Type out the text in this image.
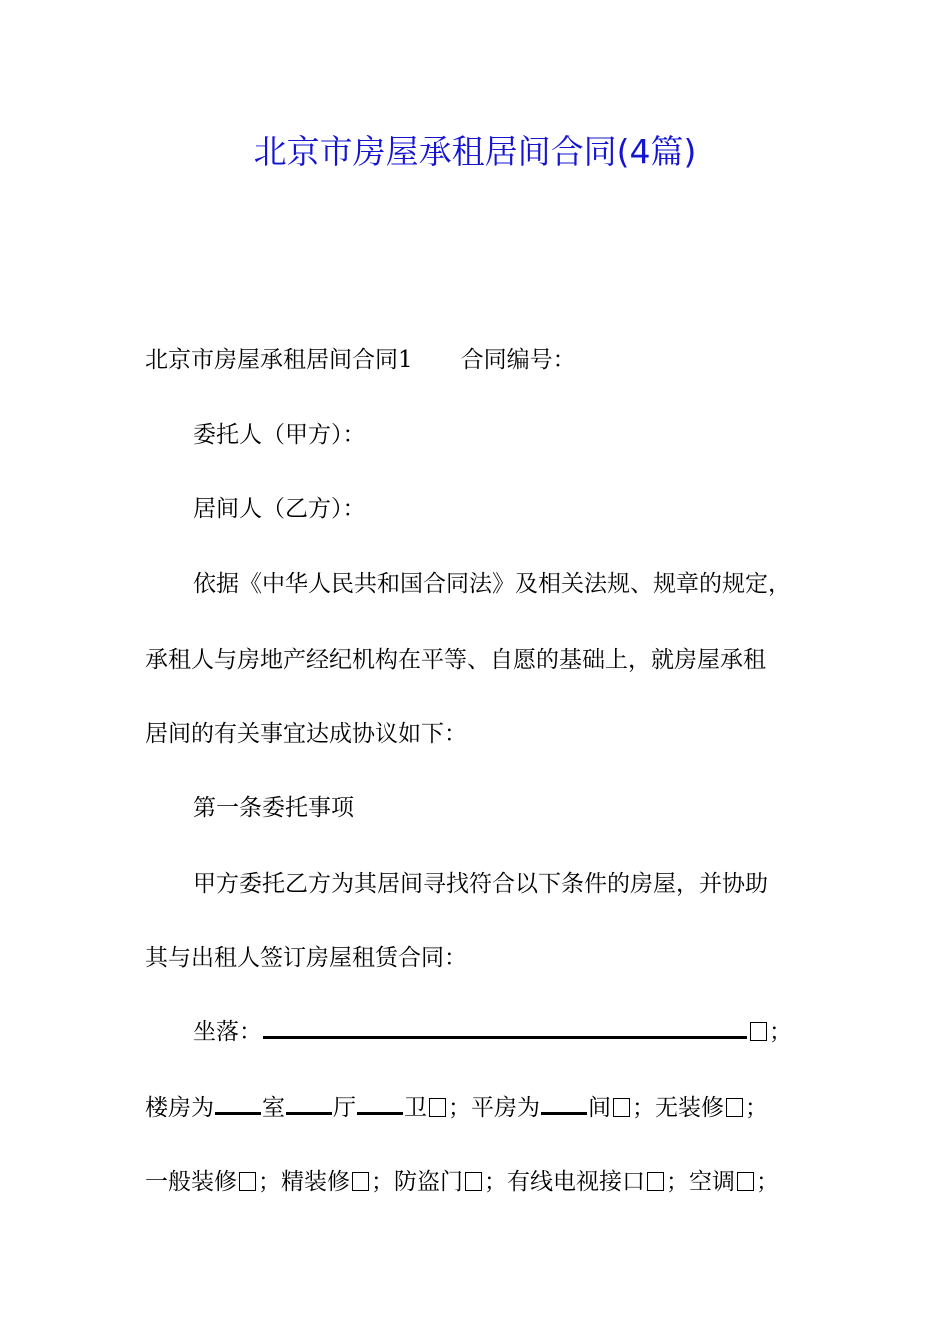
北京市房屋承租居间合同(4篇)
北京市房屋承租居间合同1 合同编号：
委托人（甲方）：
居间人（乙方）：
依据《中华人民共和国合同法》及相关法规、规章的规定，
承租人与房地产经纪机构在平等、自愿的基础上，就房屋承租
居间的有关事宜达成协议如下：
第一条委托事项
甲方委托乙方为其居间寻找符合以下条件的房屋，并协助
其与出租人签订房屋租赁合同：
坐落：	；
楼房为 室 厅 卫 ；平房为 间 ；无装修 ；
一般装修 ；精装修 ；防盗门 ；有线电视接口 ；空调 ；
